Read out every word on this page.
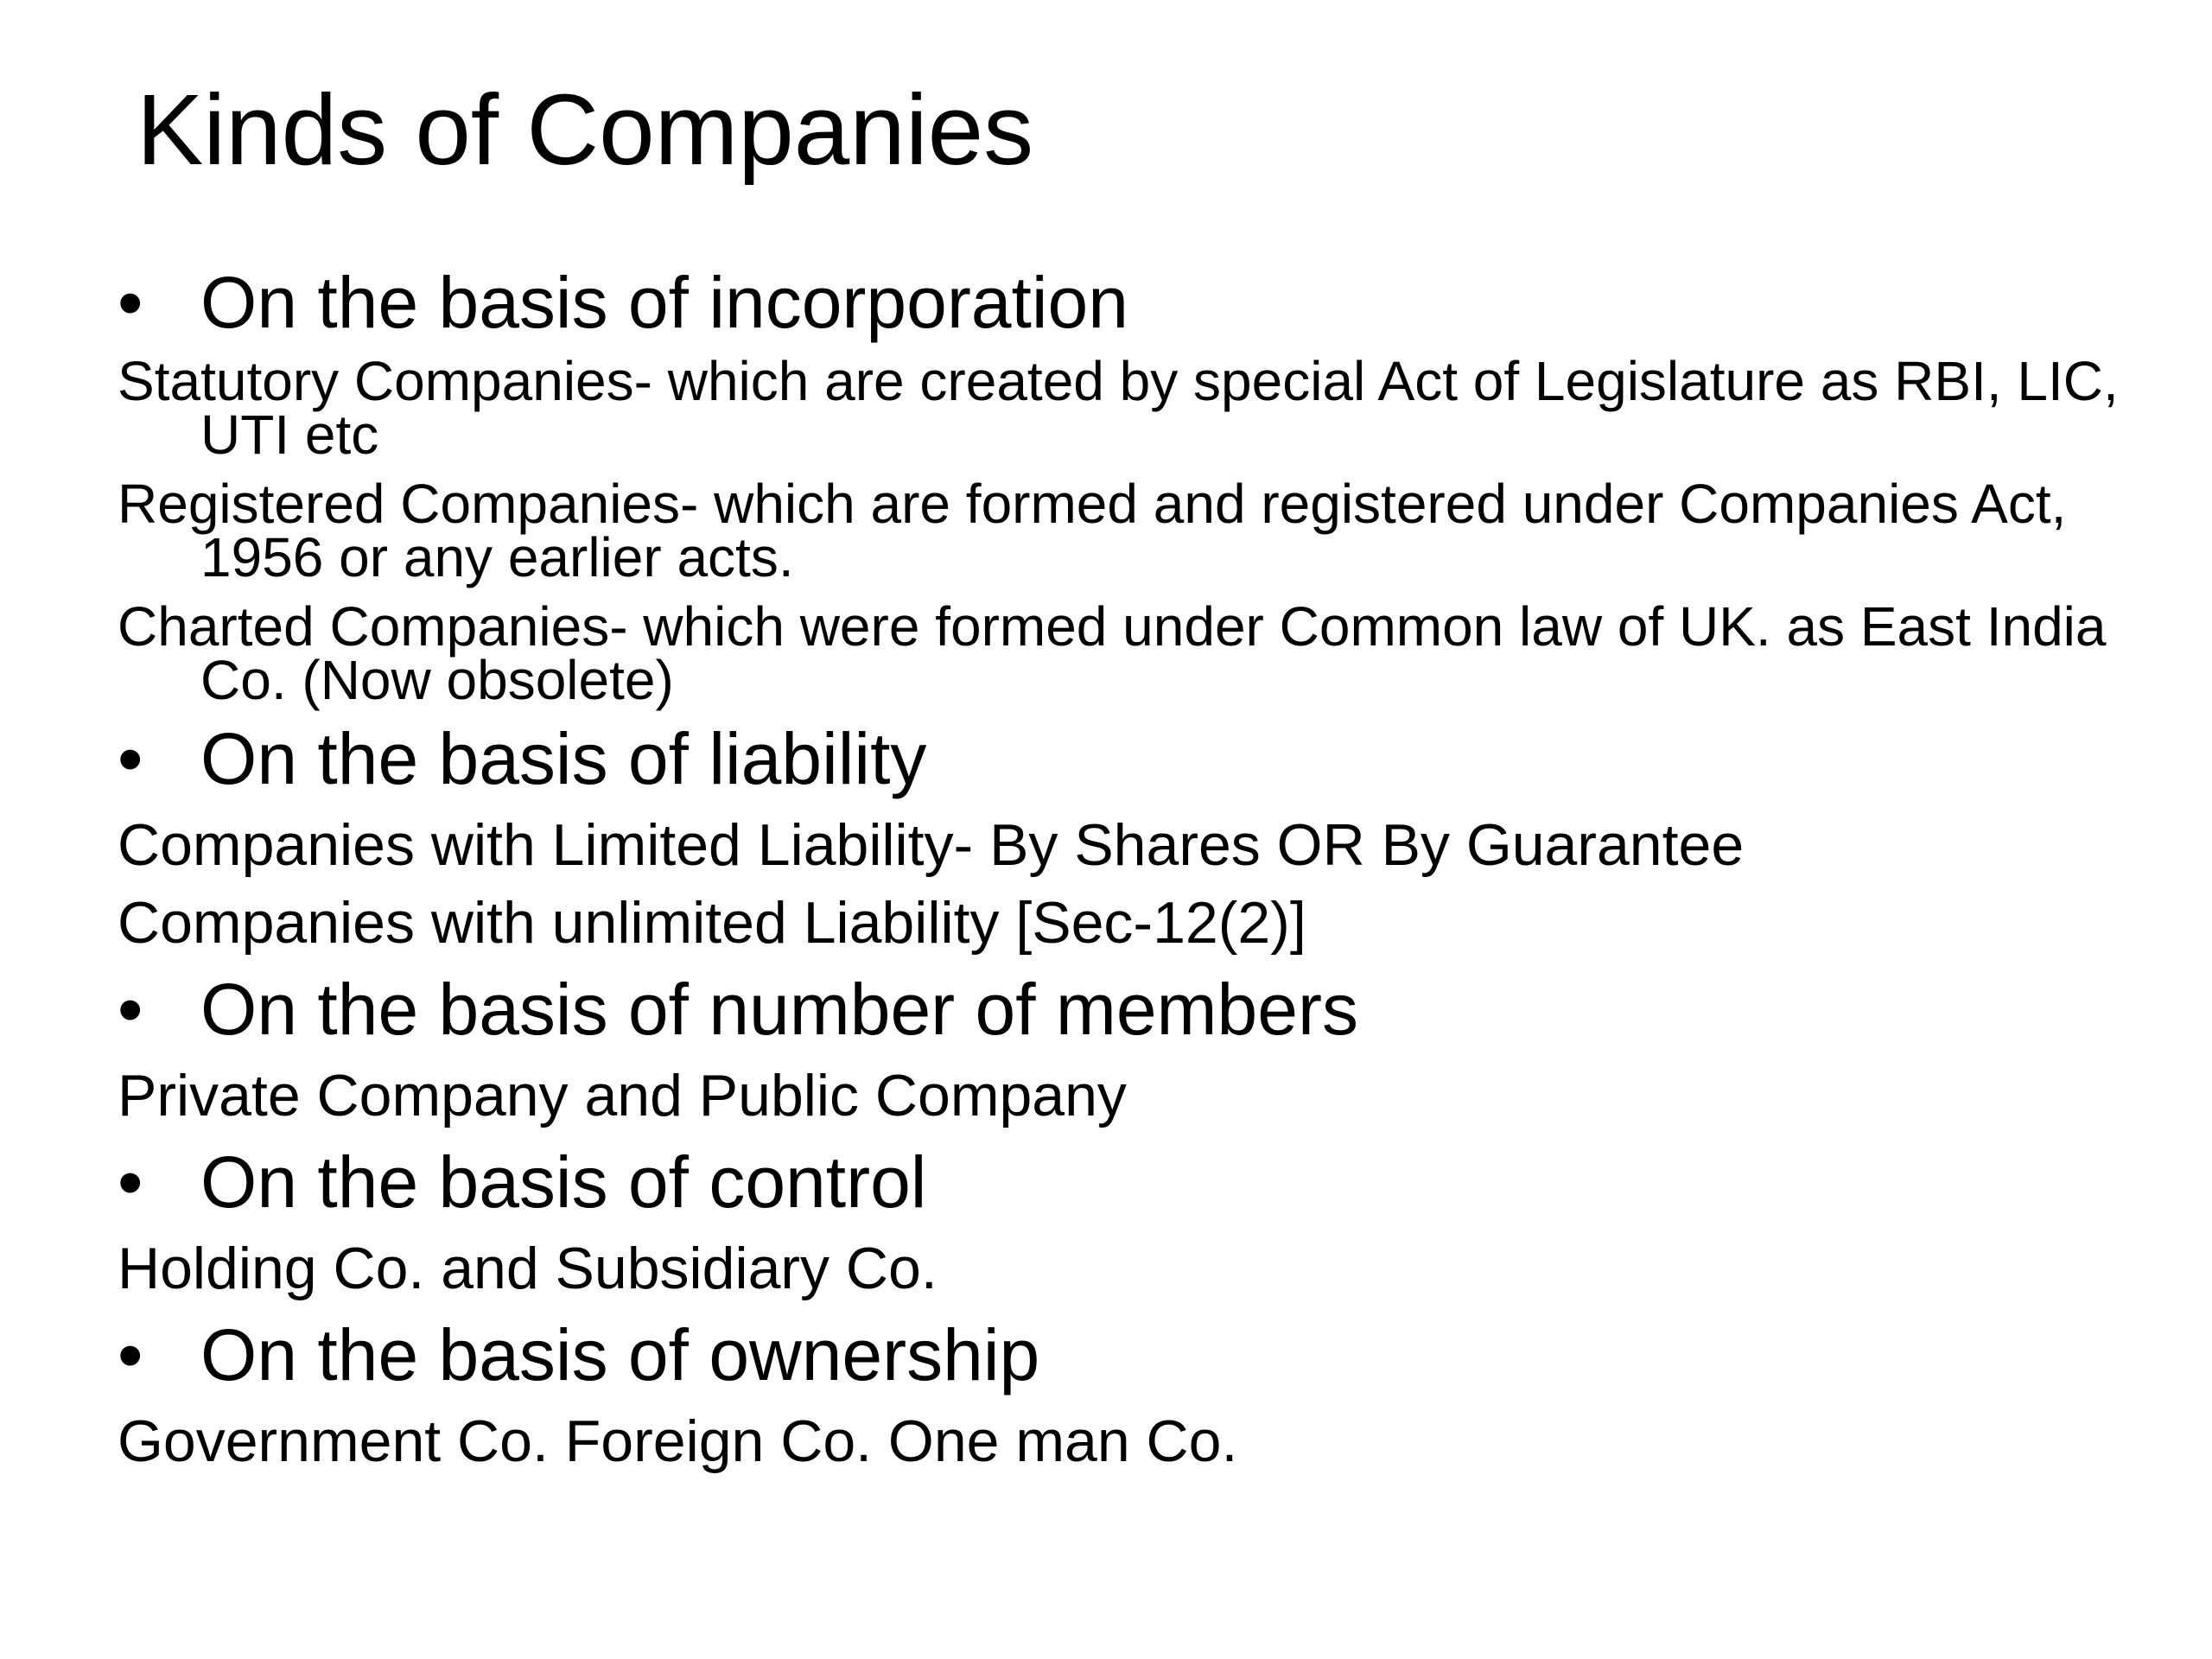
Kinds of Companies
• On the basis of incorporation
Statutory Companies- which are created by special Act of Legislature as RBI, LIC, UTI etc
Registered Companies- which are formed and registered under Companies Act, 1956 or any earlier acts.
Charted Companies- which were formed under Common law of UK. as East India Co. (Now obsolete)
• On the basis of liability
Companies with Limited Liability- By Shares OR By Guarantee
Companies with unlimited Liability [Sec-12(2)]
• On the basis of number of members
Private Company and Public Company
• On the basis of control
Holding Co. and Subsidiary Co.
• On the basis of ownership
Government Co. Foreign Co. One man Co.
